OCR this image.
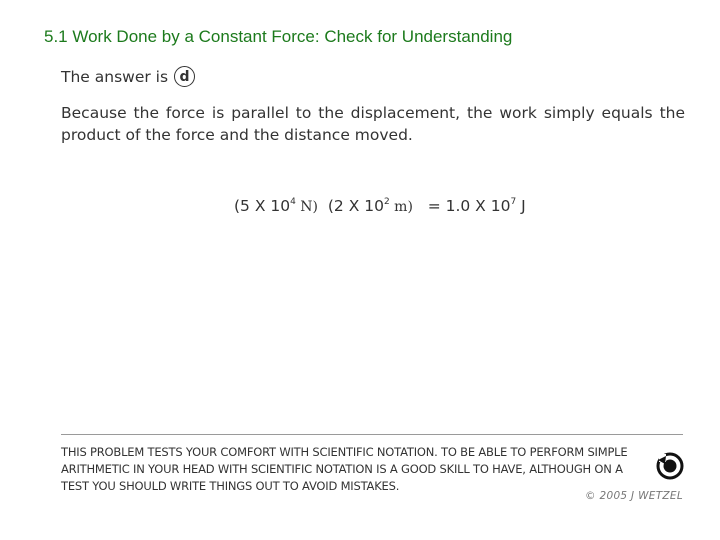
5.1 Work Done by a Constant Force: Check for Understanding
The answer is d
Because the force is parallel to the displacement, the work simply equals the product of the force and the distance moved.
(5 X $10^4$ N) (2 X $10^2$ m) = 1.0 X $10^7$ J
THIS PROBLEM TESTS YOUR COMFORT WITH SCIENTIFIC NOTATION. TO BE ABLE TO PERFORM SIMPLE ARITHMETIC IN YOUR HEAD WITH SCIENTIFIC NOTATION IS A GOOD SKILL TO HAVE, ALTHOUGH ON A TEST YOU SHOULD WRITE THINGS OUT TO AVOID MISTAKES.
© 2005 J WETZEL
